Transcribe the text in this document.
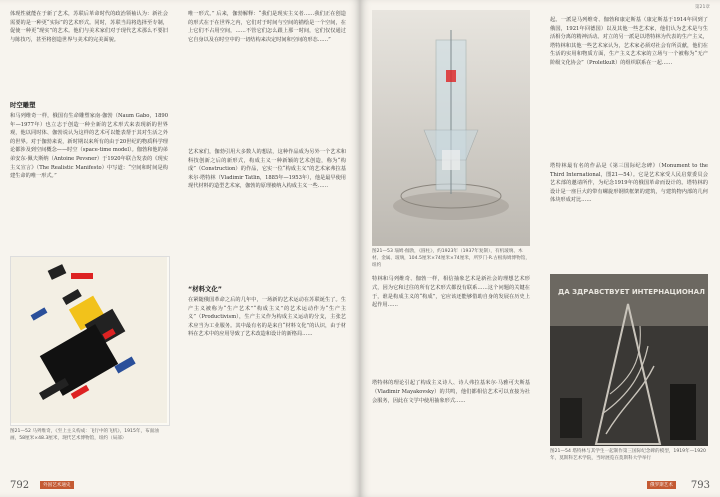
体现性就能在于新了艺术，苏联后革命时代的政治领袖认为：新社会需要的是一种更“实际”的艺术形式。同时，苏联当局将选择至专制，促使一种更“现实”的艺术。他们与美术家们对于现代艺术那么不要旧与陈技巧，甚至将创造世界与美术的完美面貌。

时空雕塑

和马列维奇一样，俄国有生命雕塑家南·伽勃（Naum Gabo，1890年—1977年）也立志于创造一种全新的艺术形式来表现新的世界观，他以同时体、伽勃说认为这样的艺术可以能表帮于其对生活之外的世界。对于伽勃来说，新时期以来所有的由于20世纪的物质科学理论都涉及到空间概念——时空（space-time model）。伽勃和他的弟弟安东·佩夫斯纳（Antoine Pevsner）于1920年联合发表的《现实主义宣言》（The Realistic Manifesto）中写道：“空间和时间是构建生命的唯一形式。”

图21—52 马列维奇，《至上主义构成：飞行中的飞机》，1915年，布面油画，58厘米×48.3厘米，现代艺术博物馆，纽约（局部）

唯一形式。” 后来，伽勃解释：“我们是现实主义者……我们正在创造的形式在于在世界之内，它们对于时间与空间的描绘是一个空间，在上它们不占用空间，……不管它们怎么跟上那一时间，它们仅仅通过它自身以及在时空中的一切结构来决定时间和空间的形态……”

艺术家们，伽勃引用大多数人的想法，这种作品成为另外一个艺术和科技创新之后的新形式，构成主义一种新颖的艺术创造，称为“构成”（Construction）的作品，它实一位“构成主义”的艺术家弗拉基米尔·塔特林（Vladimir Tatlin，1885年—1953年），他是最早使用现代材料的造型艺术家，伽勃的原理被纳入构成主义一些……

“材料文化”

在紧随俄国革命之后的几年中，一场新的艺术运动在苏联诞生了。生产主义被称为“生产艺术”“构成主义”的艺术运动作为“生产主义”（Productivism），生产主义作为构成主义运动的分支，主张艺术应当为工业服务。其中最有名的是来自“材料文化”的认识，由于材料在艺术中的应用导致了艺术改造和设计的新格局……

792	外国艺术通史
图21—53 瑙姆·伽勃，《圆柱》，约1923年（1937年复制），有机玻璃、木材、金属、玻璃，104.5厘米×74厘米×74厘米，所罗门·R.古根海姆博物馆，纽约

特林和马列维奇、伽勃一样，相信抽象艺术是新社会的理想艺术形式，因为它和过往的所有艺术形式都没有联系……这个问题的关键在于，谁是构成主义的“构成”，它应该还能够借助自身的发展在历史上起作用……

塔特林的理论引起了构成主义诗人、诗人弗拉基米尔·马雅可夫斯基（Vladimir Mayakovsky）的共鸣，他们都相信艺术可以直接为社会服务，因此在文学中使用抽象形式……

起。一派是马列维奇、伽勃和康定斯基（康定斯基于1914年回到了俄国，1921年回德国）以及其他一些艺术家，他们认为艺术是与生活相分离的精神活动。对立的另一派是以塔特林为代表的生产主义，塔特林和其他一些艺术家认为，艺术家必须对社会有所贡献，他们在生活的实用和物质方面，生产主义艺术家的立场与一个被称为“无产阶级文化协会”（Proletkult）的组织联系在一起……

塔特林最有名的作品是《第三国际纪念碑》（Monument to the Third International，图21—54）。它是艺术家受人民启蒙委员会艺术部的邀请所作，为纪念1919年的俄国革命而设计的。塔特林的设计是一座巨大的带有螺旋形钢铁框架的建筑，与建筑物内部的几何体块形成对比……

ДА ЗДРАВСТВУЕТ ИНТЕРНАЦИОНАЛ
图21—54 塔特林与其学生一起制作第三国际纪念碑的模型，1919年—1920年，莫斯科艺术学院，当时展览在莫斯科大学举行
第21章
793
俄罗斯艺术
